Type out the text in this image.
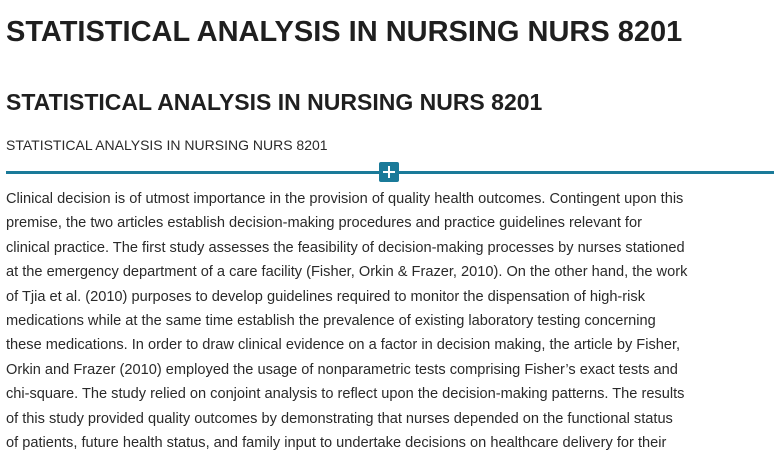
STATISTICAL ANALYSIS IN NURSING NURS 8201
STATISTICAL ANALYSIS IN NURSING NURS 8201
STATISTICAL ANALYSIS IN NURSING NURS 8201
Clinical decision is of utmost importance in the provision of quality health outcomes. Contingent upon this
premise, the two articles establish decision-making procedures and practice guidelines relevant for
clinical practice. The first study assesses the feasibility of decision-making processes by nurses stationed
at the emergency department of a care facility (Fisher, Orkin & Frazer, 2010). On the other hand, the work
of Tjia et al. (2010) purposes to develop guidelines required to monitor the dispensation of high-risk
medications while at the same time establish the prevalence of existing laboratory testing concerning
these medications. In order to draw clinical evidence on a factor in decision making, the article by Fisher,
Orkin and Frazer (2010) employed the usage of nonparametric tests comprising Fisher’s exact tests and
chi-square. The study relied on conjoint analysis to reflect upon the decision-making patterns. The results
of this study provided quality outcomes by demonstrating that nurses depended on the functional status
of patients, future health status, and family input to undertake decisions on healthcare delivery for their
